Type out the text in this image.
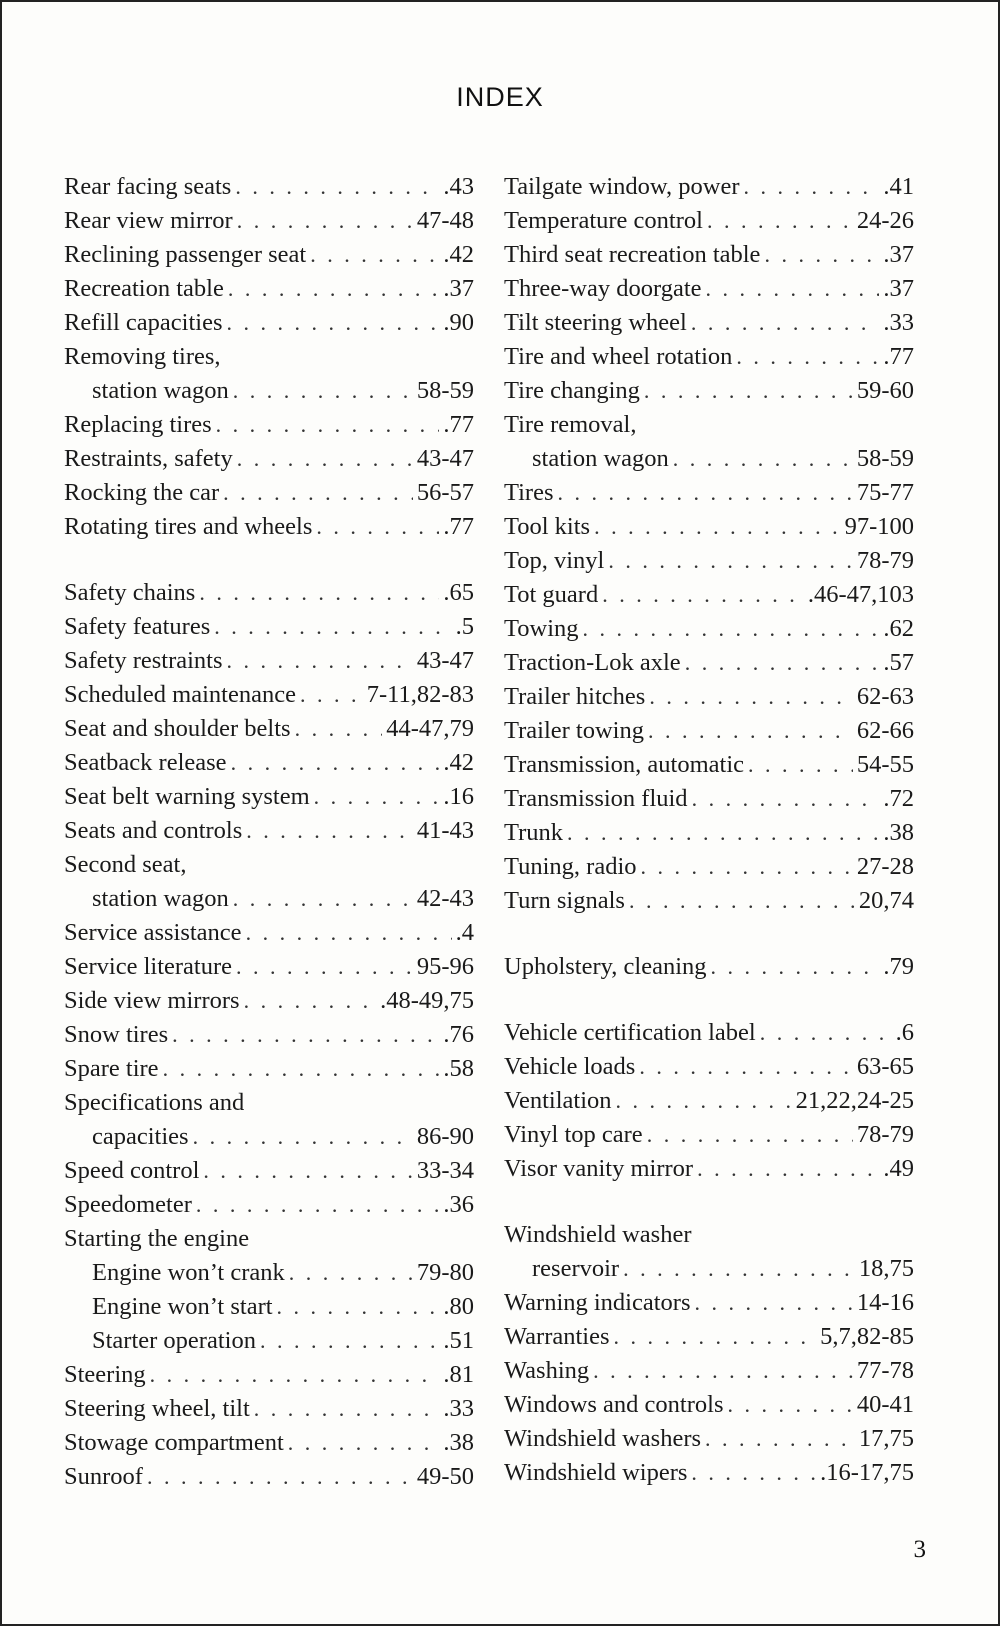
INDEX
Rear facing seats . . .	.43
Rear view mirror . . .	47-48
Reclining passenger seat . . .	.42
Recreation table . . .	.37
Refill capacities . . .	.90
Removing tires,
station wagon . . .	58-59
Replacing tires . . .	.77
Restraints, safety . . .	43-47
Rocking the car . . .	56-57
Rotating tires and wheels . . .	.77
Safety chains . . .	.65
Safety features . . .	.5
Safety restraints . . .	43-47
Scheduled maintenance . . .	7-11,82-83
Seat and shoulder belts . . .	44-47,79
Seatback release . . .	.42
Seat belt warning system . . .	.16
Seats and controls . . .	41-43
Second seat,
station wagon . . .	42-43
Service assistance . . .	.4
Service literature . . .	95-96
Side view mirrors . . .	.48-49,75
Snow tires . . .	.76
Spare tire . . .	.58
Specifications and
capacities . . .	86-90
Speed control . . .	33-34
Speedometer . . .	.36
Starting the engine
Engine won’t crank . . .	79-80
Engine won’t start . . .	.80
Starter operation . . .	.51
Steering . . .	.81
Steering wheel, tilt . . .	.33
Stowage compartment . . .	.38
Sunroof . . .	49-50
Tailgate window, power . . .	.41
Temperature control . . .	24-26
Third seat recreation table . . .	.37
Three-way doorgate . . .	.37
Tilt steering wheel . . .	.33
Tire and wheel rotation . . .	.77
Tire changing . . .	59-60
Tire removal,
station wagon . . .	58-59
Tires . . .	75-77
Tool kits . . .	97-100
Top, vinyl . . .	78-79
Tot guard . . .	.46-47,103
Towing . . .	.62
Traction-Lok axle . . .	.57
Trailer hitches . . .	62-63
Trailer towing . . .	62-66
Transmission, automatic . . .	54-55
Transmission fluid . . .	.72
Trunk . . .	.38
Tuning, radio . . .	27-28
Turn signals . . .	20,74
Upholstery, cleaning . . .	.79
Vehicle certification label . . .	.6
Vehicle loads . . .	63-65
Ventilation . . .	21,22,24-25
Vinyl top care . . .	78-79
Visor vanity mirror . . .	.49
Windshield washer
reservoir . . .	18,75
Warning indicators . . .	14-16
Warranties . . .	5,7,82-85
Washing . . .	77-78
Windows and controls . . .	40-41
Windshield washers . . .	17,75
Windshield wipers . . .	.16-17,75
3
